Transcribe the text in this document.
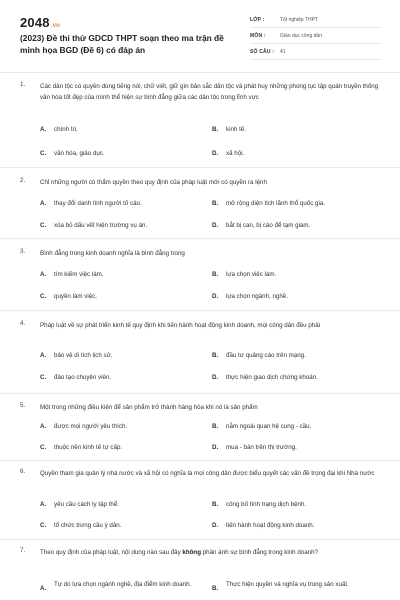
2048.vn
(2023) Đề thi thử GDCD THPT soạn theo ma trận đề minh họa BGD (Đề 6) có đáp án
LỚP :	Tốt nghiệp THPT
MÔN :	Giáo dục công dân
SỐ CÂU :	41
1. Các dân tộc có quyền dùng tiếng nói, chữ viết, giữ gìn bản sắc dân tộc và phát huy những phong tục tập quán truyền thống văn hóa tốt đẹp của mình thể hiện sự bình đẳng giữa các dân tộc trong lĩnh vực
A. chính trị.	B. kinh tế.
C. văn hóa, giáo dục.	D. xã hội.
2. Chỉ những người có thẩm quyền theo quy định của pháp luật mới có quyền ra lệnh
A. thay đổi danh tính người tố cáo.	B. mở rộng diện tích lãnh thổ quốc gia.
C. xóa bỏ dấu vết hiện trường vụ án.	D. bắt bị can, bị cáo để tạm giam.
3. Bình đẳng trong kinh doanh nghĩa là bình đẳng trong
A. tìm kiếm việc làm.	B. lựa chọn việc làm.
C. quyền làm việc.	D. lựa chọn ngành, nghề.
4. Pháp luật về sự phát triển kinh tế quy định khi tiến hành hoạt động kinh doanh, mọi công dân đều phải
A. bảo vệ di tích lịch sử.	B. đầu tư quảng cáo trên mạng.
C. đào tạo chuyên viên.	D. thực hiện giao dịch chứng khoán.
5. Một trong những điều kiện để sản phẩm trở thành hàng hóa khi nó là sản phẩm
A. được mọi người yêu thích.	B. nằm ngoài quan hệ cung - cầu.
C. thuộc nền kinh tế tự cấp.	D. mua - bán trên thị trường.
6. Quyền tham gia quản lý nhà nước và xã hội có nghĩa là mọi công dân được biểu quyết các vấn đề trọng đại khi Nhà nước
A. yêu cầu cách ly tập thể.	B. công bố tình trạng dịch bệnh.
C. tổ chức trưng cầu ý dân.	D. tiến hành hoạt động kinh doanh.
7. Theo quy định của pháp luật, nội dung nào sau đây không phản ánh sự bình đẳng trong kinh doanh?
A.
Tự do lựa chọn ngành nghề, địa điểm kinh doanh.
B.
Thực hiện quyền và nghĩa vụ trong sản xuất.
